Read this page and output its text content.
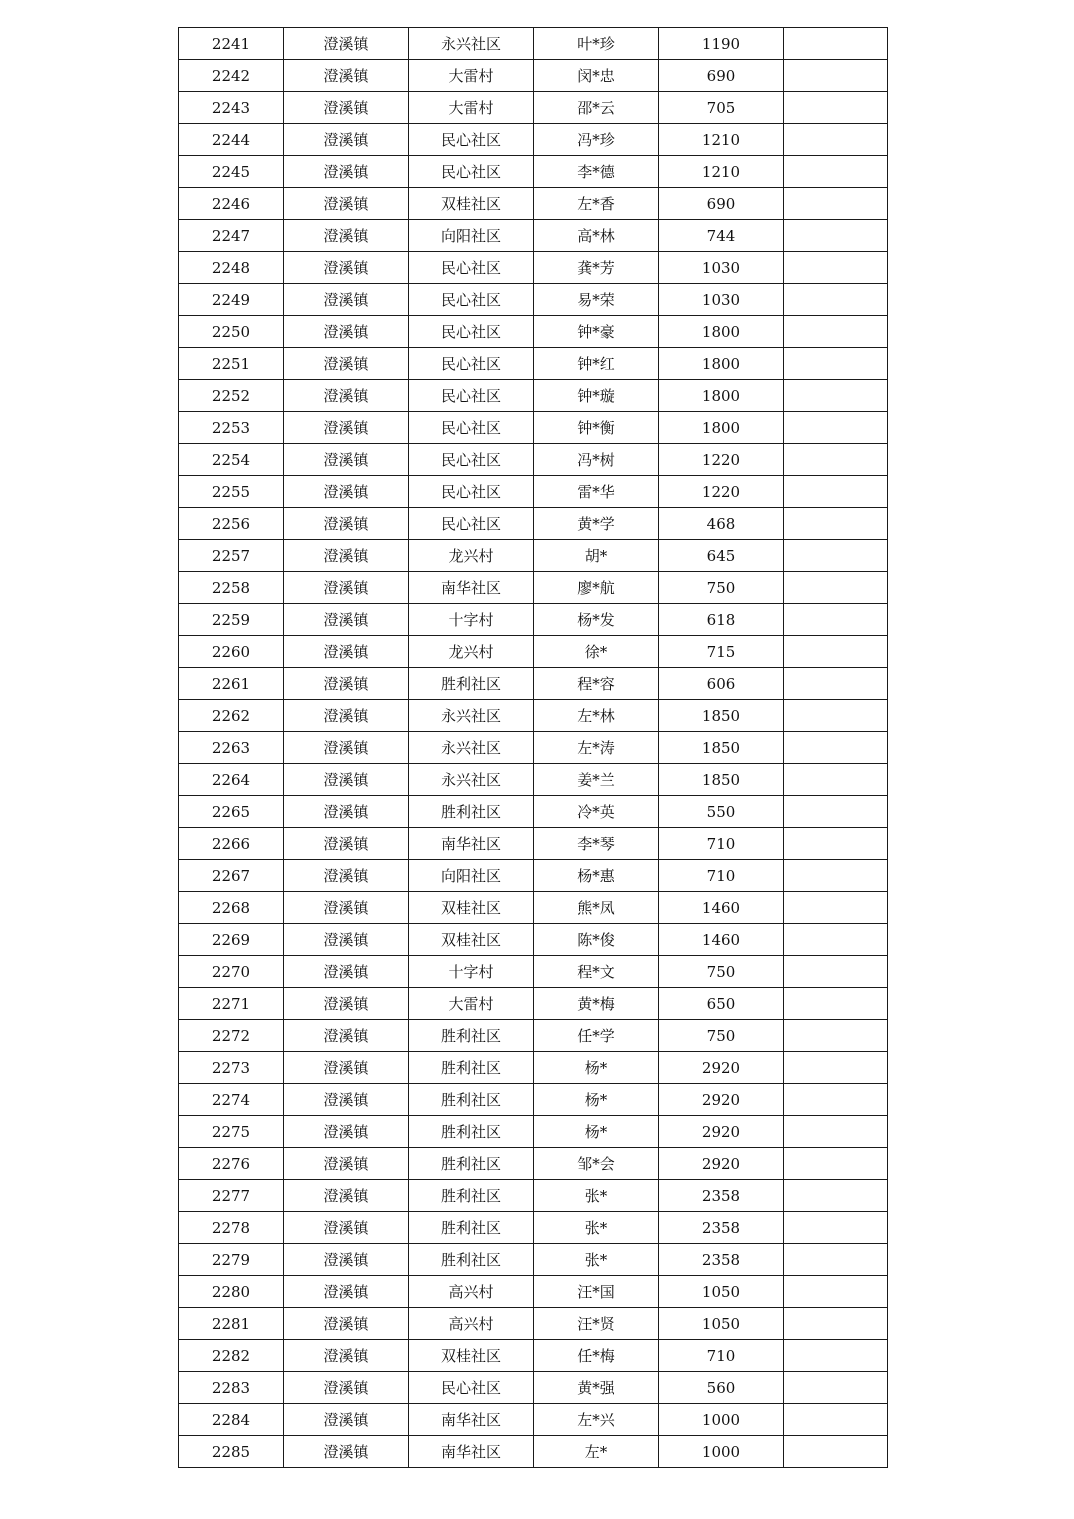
2241	澄溪镇	永兴社区	叶*珍	1190	
2242	澄溪镇	大雷村	闵*忠	690	
2243	澄溪镇	大雷村	邵*云	705	
2244	澄溪镇	民心社区	冯*珍	1210	
2245	澄溪镇	民心社区	李*德	1210	
2246	澄溪镇	双桂社区	左*香	690	
2247	澄溪镇	向阳社区	高*林	744	
2248	澄溪镇	民心社区	龚*芳	1030	
2249	澄溪镇	民心社区	易*荣	1030	
2250	澄溪镇	民心社区	钟*豪	1800	
2251	澄溪镇	民心社区	钟*红	1800	
2252	澄溪镇	民心社区	钟*璇	1800	
2253	澄溪镇	民心社区	钟*衡	1800	
2254	澄溪镇	民心社区	冯*树	1220	
2255	澄溪镇	民心社区	雷*华	1220	
2256	澄溪镇	民心社区	黄*学	468	
2257	澄溪镇	龙兴村	胡*	645	
2258	澄溪镇	南华社区	廖*航	750	
2259	澄溪镇	十字村	杨*发	618	
2260	澄溪镇	龙兴村	徐*	715	
2261	澄溪镇	胜利社区	程*容	606	
2262	澄溪镇	永兴社区	左*林	1850	
2263	澄溪镇	永兴社区	左*涛	1850	
2264	澄溪镇	永兴社区	姜*兰	1850	
2265	澄溪镇	胜利社区	冷*英	550	
2266	澄溪镇	南华社区	李*琴	710	
2267	澄溪镇	向阳社区	杨*惠	710	
2268	澄溪镇	双桂社区	熊*凤	1460	
2269	澄溪镇	双桂社区	陈*俊	1460	
2270	澄溪镇	十字村	程*文	750	
2271	澄溪镇	大雷村	黄*梅	650	
2272	澄溪镇	胜利社区	任*学	750	
2273	澄溪镇	胜利社区	杨*	2920	
2274	澄溪镇	胜利社区	杨*	2920	
2275	澄溪镇	胜利社区	杨*	2920	
2276	澄溪镇	胜利社区	邹*会	2920	
2277	澄溪镇	胜利社区	张*	2358	
2278	澄溪镇	胜利社区	张*	2358	
2279	澄溪镇	胜利社区	张*	2358	
2280	澄溪镇	高兴村	汪*国	1050	
2281	澄溪镇	高兴村	汪*贤	1050	
2282	澄溪镇	双桂社区	任*梅	710	
2283	澄溪镇	民心社区	黄*强	560	
2284	澄溪镇	南华社区	左*兴	1000	
2285	澄溪镇	南华社区	左*	1000	
